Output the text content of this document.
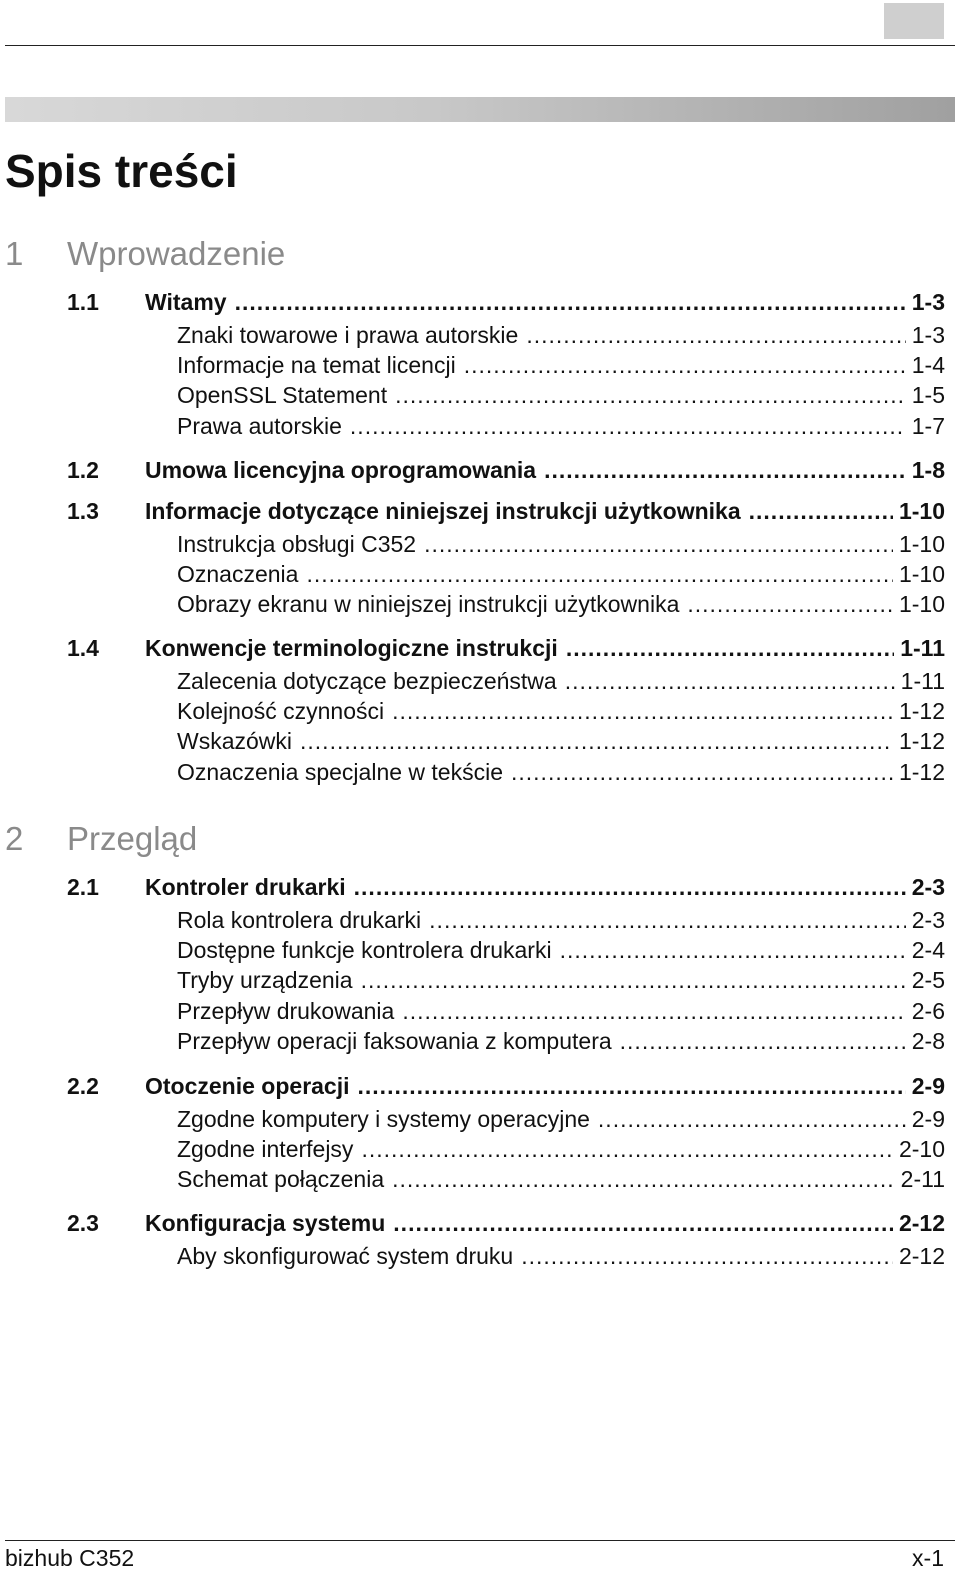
Spis treści
1 Wprowadzenie
1.1	Witamy .....	1-3
Znaki towarowe i prawa autorskie .....	1-3
Informacje na temat licencji .....	1-4
OpenSSL Statement .....	1-5
Prawa autorskie .....	1-7
1.2	Umowa licencyjna oprogramowania .....	1-8
1.3	Informacje dotyczące niniejszej instrukcji użytkownika .....	1-10
Instrukcja obsługi C352 .....	1-10
Oznaczenia .....	1-10
Obrazy ekranu w niniejszej instrukcji użytkownika .....	1-10
1.4	Konwencje terminologiczne instrukcji .....	1-11
Zalecenia dotyczące bezpieczeństwa .....	1-11
Kolejność czynności .....	1-12
Wskazówki .....	1-12
Oznaczenia specjalne w tekście .....	1-12
2 Przegląd
2.1	Kontroler drukarki .....	2-3
Rola kontrolera drukarki .....	2-3
Dostępne funkcje kontrolera drukarki .....	2-4
Tryby urządzenia .....	2-5
Przepływ drukowania .....	2-6
Przepływ operacji faksowania z komputera .....	2-8
2.2	Otoczenie operacji .....	2-9
Zgodne komputery i systemy operacyjne .....	2-9
Zgodne interfejsy .....	2-10
Schemat połączenia .....	2-11
2.3	Konfiguracja systemu .....	2-12
Aby skonfigurować system druku .....	2-12
bizhub C352	x-1
